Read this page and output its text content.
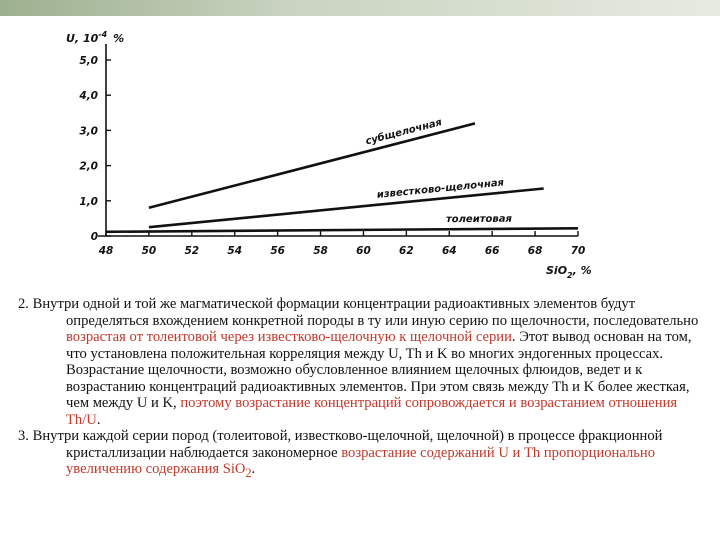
U, $10^{-4}$ %
SiO$_2$, %
0
1,0
2,0
3,0
4,0
5,0
48	50	52	54	56	58	60	62	64	66	68	70
субщелочная
известково-щелочная
толеитовая

2. Внутри одной и той же магматической формации концентрации радиоактивных элементов будут определяться вхождением конкретной породы в ту или иную серию по щелочности, последовательно возрастая от толеитовой через известково-щелочную к щелочной серии. Этот вывод основан на том, что установлена положительная корреляция между U, Th и K во многих эндогенных процессах. Возрастание щелочности, возможно обусловленное влиянием щелочных флюидов, ведет и к возрастанию концентраций радиоактивных элементов. При этом связь между Th и K более жесткая, чем между U и K, поэтому возрастание концентраций сопровождается и возрастанием отношения Th/U.

3. Внутри каждой серии пород (толеитовой, известково-щелочной, щелочной) в процессе фракционной кристаллизации наблюдается закономерное возрастание содержаний U и Th пропорционально увеличению содержания SiO$_2$.
